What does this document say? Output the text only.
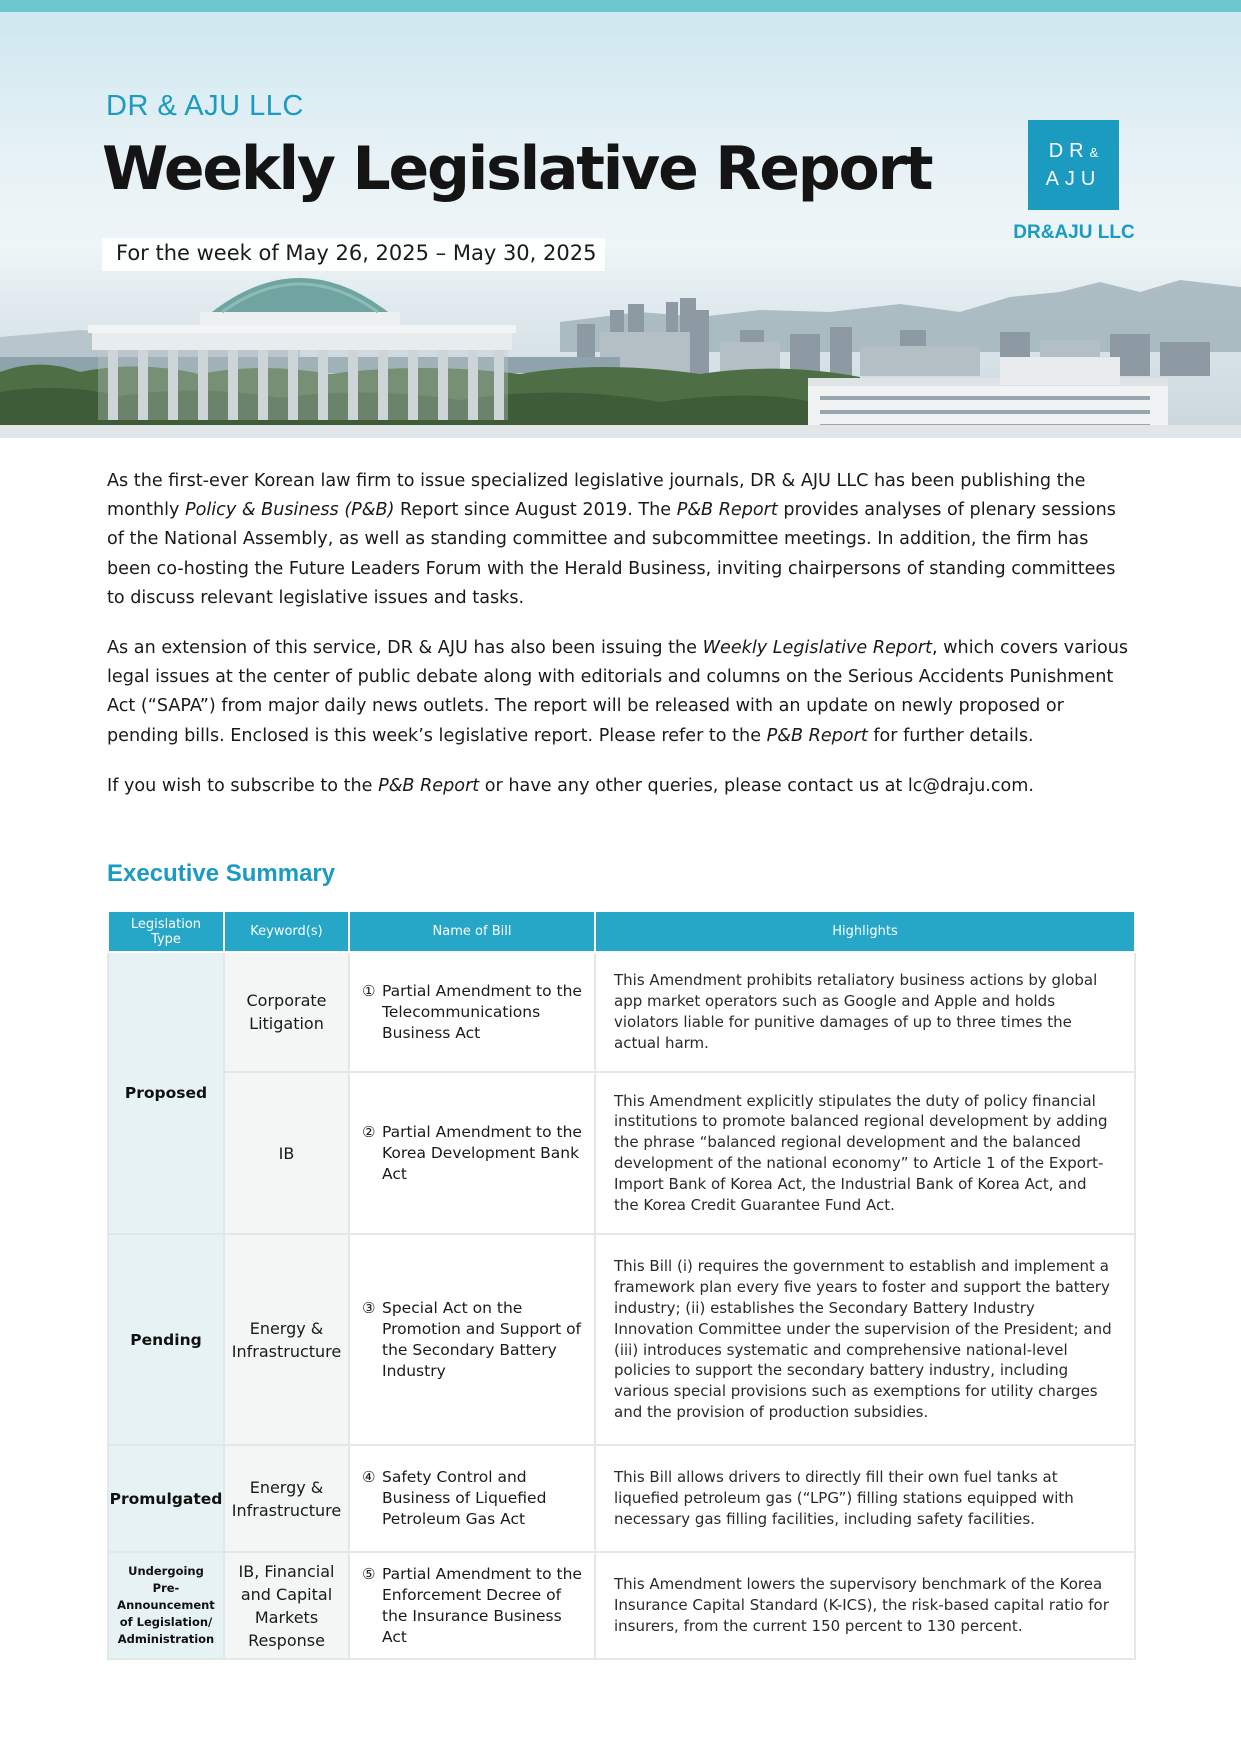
DR & AJU LLC
Weekly Legislative Report
For the week of May 26, 2025 – May 30, 2025
DR&
AJU
DR&AJU LLC

As the first-ever Korean law firm to issue specialized legislative journals, DR & AJU LLC has been publishing the monthly Policy & Business (P&B) Report since August 2019. The P&B Report provides analyses of plenary sessions of the National Assembly, as well as standing committee and subcommittee meetings. In addition, the firm has been co-hosting the Future Leaders Forum with the Herald Business, inviting chairpersons of standing committees to discuss relevant legislative issues and tasks.

As an extension of this service, DR & AJU has also been issuing the Weekly Legislative Report, which covers various legal issues at the center of public debate along with editorials and columns on the Serious Accidents Punishment Act (“SAPA”) from major daily news outlets. The report will be released with an update on newly proposed or pending bills. Enclosed is this week’s legislative report. Please refer to the P&B Report for further details.

If you wish to subscribe to the P&B Report or have any other queries, please contact us at lc@draju.com.

Executive Summary
Legislation Type	Keyword(s)	Name of Bill	Highlights
Proposed	Corporate Litigation	① Partial Amendment to the Telecommunications Business Act	This Amendment prohibits retaliatory business actions by global app market operators such as Google and Apple and holds violators liable for punitive damages of up to three times the actual harm.
	IB	② Partial Amendment to the Korea Development Bank Act	This Amendment explicitly stipulates the duty of policy financial institutions to promote balanced regional development by adding the phrase “balanced regional development and the balanced development of the national economy” to Article 1 of the Export-Import Bank of Korea Act, the Industrial Bank of Korea Act, and the Korea Credit Guarantee Fund Act.
Pending	Energy & Infrastructure	③ Special Act on the Promotion and Support of the Secondary Battery Industry	This Bill (i) requires the government to establish and implement a framework plan every five years to foster and support the battery industry; (ii) establishes the Secondary Battery Industry Innovation Committee under the supervision of the President; and (iii) introduces systematic and comprehensive national-level policies to support the secondary battery industry, including various special provisions such as exemptions for utility charges and the provision of production subsidies.
Promulgated	Energy & Infrastructure	④ Safety Control and Business of Liquefied Petroleum Gas Act	This Bill allows drivers to directly fill their own fuel tanks at liquefied petroleum gas (“LPG”) filling stations equipped with necessary gas filling facilities, including safety facilities.
Undergoing Pre-Announcement of Legislation/ Administration	IB, Financial and Capital Markets Response	⑤ Partial Amendment to the Enforcement Decree of the Insurance Business Act	This Amendment lowers the supervisory benchmark of the Korea Insurance Capital Standard (K-ICS), the risk-based capital ratio for insurers, from the current 150 percent to 130 percent.
